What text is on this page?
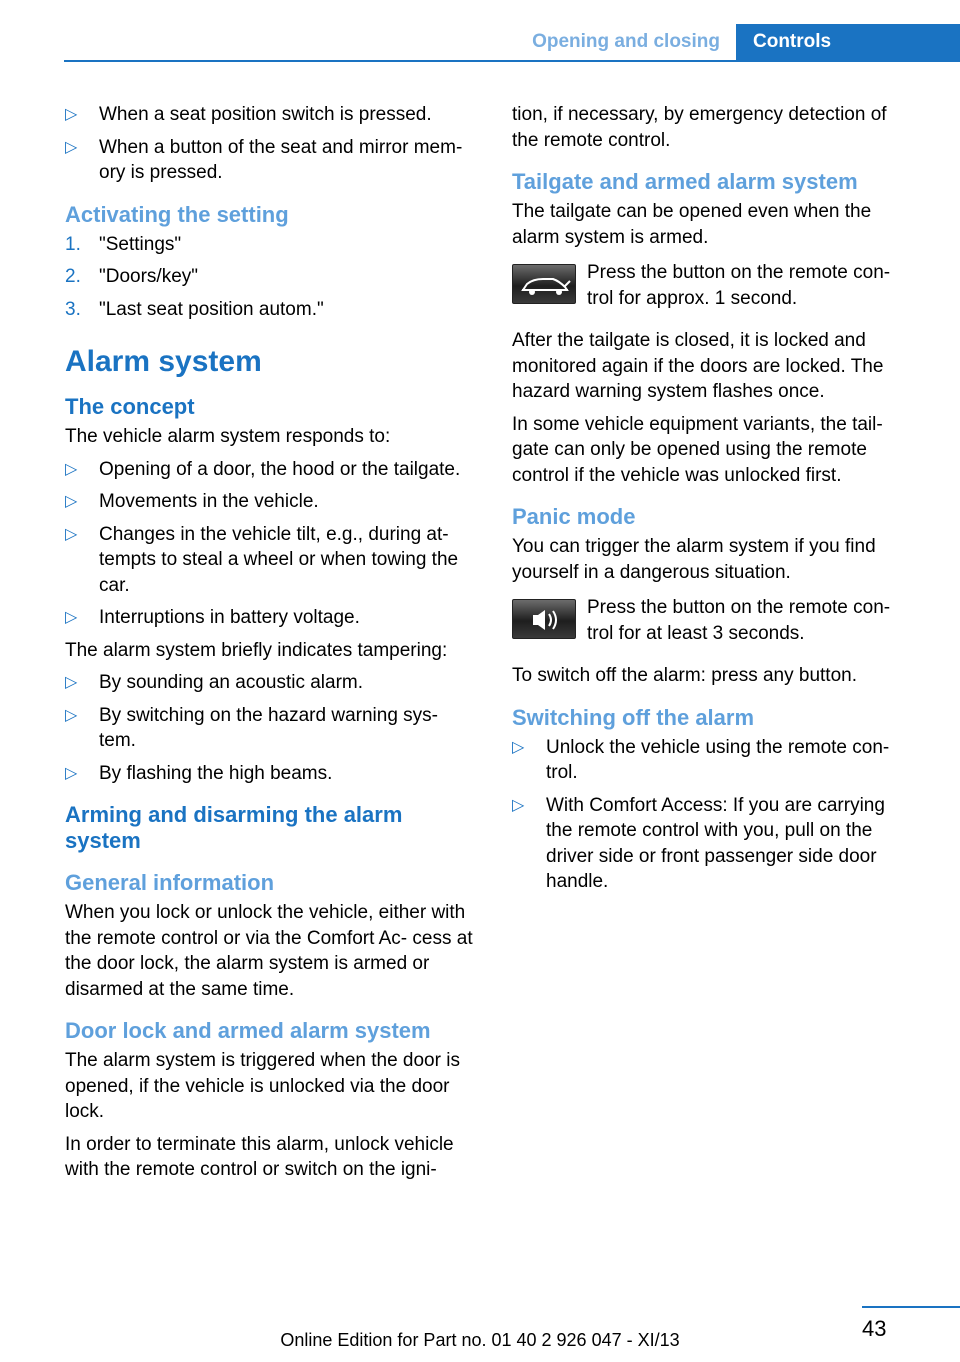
Opening and closing	Controls
▷ When a seat position switch is pressed.
▷ When a button of the seat and mirror mem‐ ory is pressed.
Activating the setting
1. "Settings"
2. "Doors/key"
3. "Last seat position autom."
Alarm system
The concept

The vehicle alarm system responds to:

▷ Opening of a door, the hood or the tailgate.
▷ Movements in the vehicle.
▷ Changes in the vehicle tilt, e.g., during at‐ tempts to steal a wheel or when towing the car.
▷ Interruptions in battery voltage.

The alarm system briefly indicates tampering:

▷ By sounding an acoustic alarm.
▷ By switching on the hazard warning sys‐ tem.
▷ By flashing the high beams.
Arming and disarming the alarm system
General information

When you lock or unlock the vehicle, either with the remote control or via the Comfort Ac‐ cess at the door lock, the alarm system is armed or disarmed at the same time.

Door lock and armed alarm system

The alarm system is triggered when the door is opened, if the vehicle is unlocked via the door lock.

In order to terminate this alarm, unlock vehicle with the remote control or switch on the igni‐

tion, if necessary, by emergency detection of the remote control.

Tailgate and armed alarm system

The tailgate can be opened even when the alarm system is armed.

Press the button on the remote con‐ trol for approx. 1 second.

After the tailgate is closed, it is locked and monitored again if the doors are locked. The hazard warning system flashes once.

In some vehicle equipment variants, the tail‐ gate can only be opened using the remote control if the vehicle was unlocked first.

Panic mode

You can trigger the alarm system if you find yourself in a dangerous situation.

Press the button on the remote con‐ trol for at least 3 seconds.

To switch off the alarm: press any button.

Switching off the alarm
▷ Unlock the vehicle using the remote con‐ trol.
▷ With Comfort Access: If you are carrying the remote control with you, pull on the driver side or front passenger side door handle.
43
Online Edition for Part no. 01 40 2 926 047 - XI/13
